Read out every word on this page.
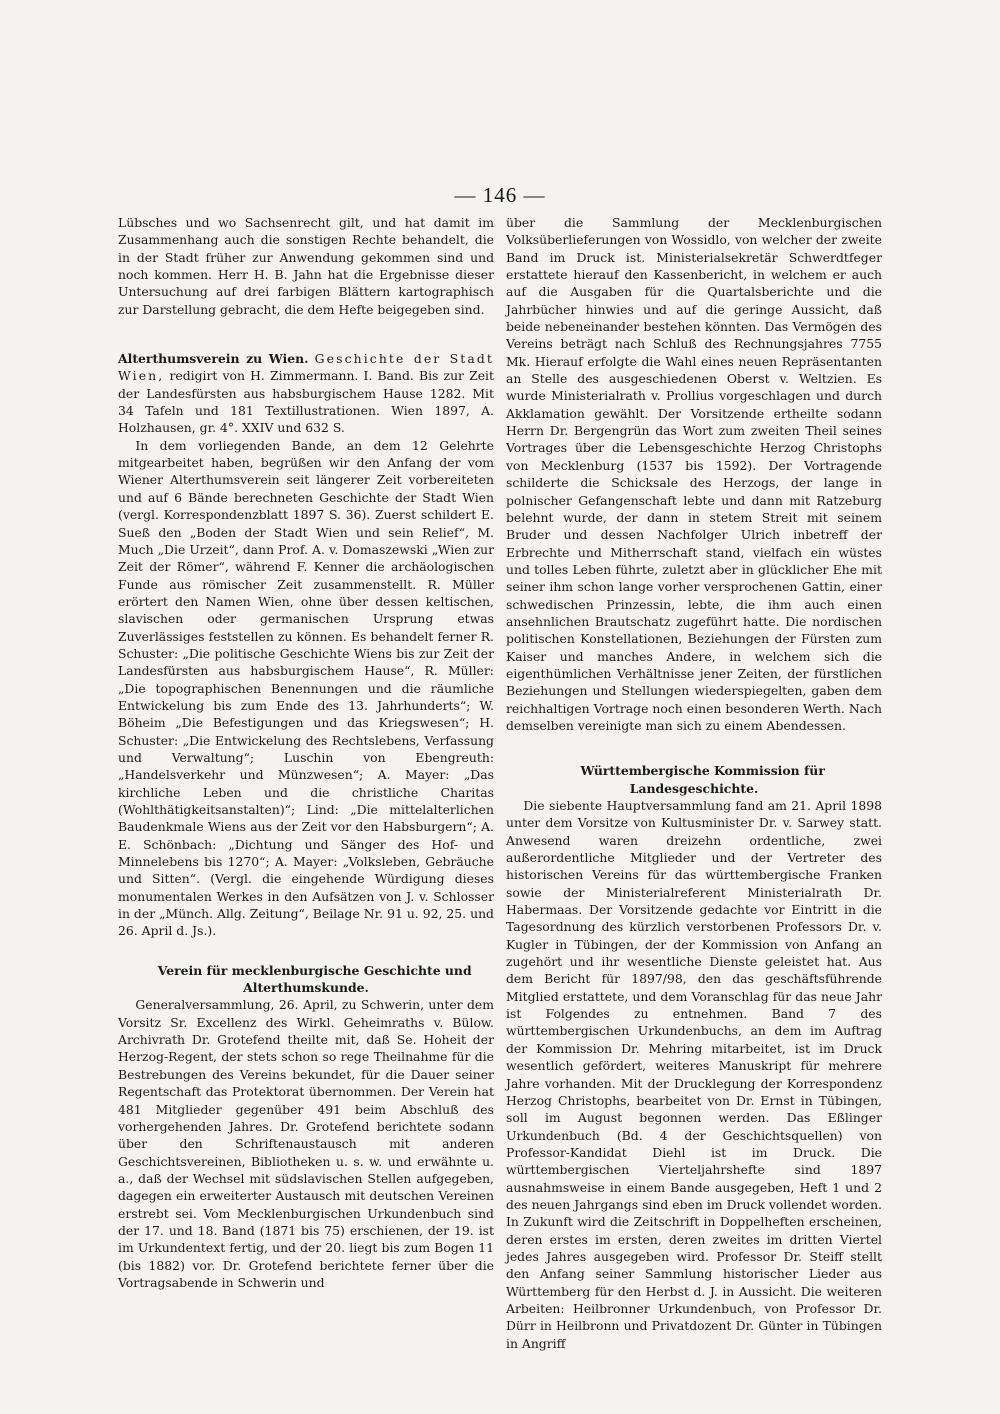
— 146 —

Lübsches und wo Sachsenrecht gilt, und hat damit im Zusammenhang auch die sonstigen Rechte behandelt, die in der Stadt früher zur Anwendung gekommen sind und noch kommen. Herr H. B. Jahn hat die Ergebnisse dieser Untersuchung auf drei farbigen Blättern kartographisch zur Darstellung gebracht, die dem Hefte beigegeben sind.

Alterthumsverein zu Wien. Geschichte der Stadt Wien, redigirt von H. Zimmermann. I. Band. Bis zur Zeit der Landesfürsten aus habsburgischem Hause 1282. Mit 34 Tafeln und 181 Textillustrationen. Wien 1897, A. Holzhausen, gr. 4°. XXIV und 632 S.

In dem vorliegenden Bande, an dem 12 Gelehrte mitgearbeitet haben, begrüßen wir den Anfang der vom Wiener Alterthumsverein seit längerer Zeit vorbereiteten und auf 6 Bände berechneten Geschichte der Stadt Wien (vergl. Korrespondenzblatt 1897 S. 36). Zuerst schildert E. Sueß den „Boden der Stadt Wien und sein Relief“, M. Much „Die Urzeit“, dann Prof. A. v. Domaszewski „Wien zur Zeit der Römer“, während F. Kenner die archäologischen Funde aus römischer Zeit zusammenstellt. R. Müller erörtert den Namen Wien, ohne über dessen keltischen, slavischen oder germanischen Ursprung etwas Zuverlässiges feststellen zu können. Es behandelt ferner R. Schuster: „Die politische Geschichte Wiens bis zur Zeit der Landesfürsten aus habsburgischem Hause“, R. Müller: „Die topographischen Benennungen und die räumliche Entwickelung bis zum Ende des 13. Jahrhunderts“; W. Böheim „Die Befestigungen und das Kriegswesen“; H. Schuster: „Die Entwickelung des Rechtslebens, Verfassung und Verwaltung“; Luschin von Ebengreuth: „Handelsverkehr und Münzwesen“; A. Mayer: „Das kirchliche Leben und die christliche Charitas (Wohlthätigkeitsanstalten)“; Lind: „Die mittelalterlichen Baudenkmale Wiens aus der Zeit vor den Habsburgern“; A. E. Schönbach: „Dichtung und Sänger des Hof- und Minnelebens bis 1270“; A. Mayer: „Volksleben, Gebräuche und Sitten“. (Vergl. die eingehende Würdigung dieses monumentalen Werkes in den Aufsätzen von J. v. Schlosser in der „Münch. Allg. Zeitung“, Beilage Nr. 91 u. 92, 25. und 26. April d. Js.).

Verein für mecklenburgische Geschichte und Alterthumskunde.

Generalversammlung, 26. April, zu Schwerin, unter dem Vorsitz Sr. Excellenz des Wirkl. Geheimraths v. Bülow. Archivrath Dr. Grotefend theilte mit, daß Se. Hoheit der Herzog-Regent, der stets schon so rege Theilnahme für die Bestrebungen des Vereins bekundet, für die Dauer seiner Regentschaft das Protektorat übernommen. Der Verein hat 481 Mitglieder gegenüber 491 beim Abschluß des vorhergehenden Jahres. Dr. Grotefend berichtete sodann über den Schriftenaustausch mit anderen Geschichtsvereinen, Bibliotheken u. s. w. und erwähnte u. a., daß der Wechsel mit südslavischen Stellen aufgegeben, dagegen ein erweiterter Austausch mit deutschen Vereinen erstrebt sei. Vom Mecklenburgischen Urkundenbuch sind der 17. und 18. Band (1871 bis 75) erschienen, der 19. ist im Urkundentext fertig, und der 20. liegt bis zum Bogen 11 (bis 1882) vor. Dr. Grotefend berichtete ferner über die Vortragsabende in Schwerin und

über die Sammlung der Mecklenburgischen Volksüberlieferungen von Wossidlo, von welcher der zweite Band im Druck ist. Ministerialsekretär Schwerdtfeger erstattete hierauf den Kassenbericht, in welchem er auch auf die Ausgaben für die Quartalsberichte und die Jahrbücher hinwies und auf die geringe Aussicht, daß beide nebeneinander bestehen könnten. Das Vermögen des Vereins beträgt nach Schluß des Rechnungsjahres 7755 Mk. Hierauf erfolgte die Wahl eines neuen Repräsentanten an Stelle des ausgeschiedenen Oberst v. Weltzien. Es wurde Ministerialrath v. Prollius vorgeschlagen und durch Akklamation gewählt. Der Vorsitzende ertheilte sodann Herrn Dr. Bergengrün das Wort zum zweiten Theil seines Vortrages über die Lebensgeschichte Herzog Christophs von Mecklenburg (1537 bis 1592). Der Vortragende schilderte die Schicksale des Herzogs, der lange in polnischer Gefangenschaft lebte und dann mit Ratzeburg belehnt wurde, der dann in stetem Streit mit seinem Bruder und dessen Nachfolger Ulrich inbetreff der Erbrechte und Mitherrschaft stand, vielfach ein wüstes und tolles Leben führte, zuletzt aber in glücklicher Ehe mit seiner ihm schon lange vorher versprochenen Gattin, einer schwedischen Prinzessin, lebte, die ihm auch einen ansehnlichen Brautschatz zugeführt hatte. Die nordischen politischen Konstellationen, Beziehungen der Fürsten zum Kaiser und manches Andere, in welchem sich die eigenthümlichen Verhältnisse jener Zeiten, der fürstlichen Beziehungen und Stellungen wiederspiegelten, gaben dem reichhaltigen Vortrage noch einen besonderen Werth. Nach demselben vereinigte man sich zu einem Abendessen.

Württembergische Kommission für Landesgeschichte.

Die siebente Hauptversammlung fand am 21. April 1898 unter dem Vorsitze von Kultusminister Dr. v. Sarwey statt. Anwesend waren dreizehn ordentliche, zwei außerordentliche Mitglieder und der Vertreter des historischen Vereins für das württembergische Franken sowie der Ministerialreferent Ministerialrath Dr. Habermaas. Der Vorsitzende gedachte vor Eintritt in die Tagesordnung des kürzlich verstorbenen Professors Dr. v. Kugler in Tübingen, der der Kommission von Anfang an zugehört und ihr wesentliche Dienste geleistet hat. Aus dem Bericht für 1897/98, den das geschäftsführende Mitglied erstattete, und dem Voranschlag für das neue Jahr ist Folgendes zu entnehmen. Band 7 des württembergischen Urkundenbuchs, an dem im Auftrag der Kommission Dr. Mehring mitarbeitet, ist im Druck wesentlich gefördert, weiteres Manuskript für mehrere Jahre vorhanden. Mit der Drucklegung der Korrespondenz Herzog Christophs, bearbeitet von Dr. Ernst in Tübingen, soll im August begonnen werden. Das Eßlinger Urkundenbuch (Bd. 4 der Geschichtsquellen) von Professor-Kandidat Diehl ist im Druck. Die württembergischen Vierteljahrshefte sind 1897 ausnahmsweise in einem Bande ausgegeben, Heft 1 und 2 des neuen Jahrgangs sind eben im Druck vollendet worden. In Zukunft wird die Zeitschrift in Doppelheften erscheinen, deren erstes im ersten, deren zweites im dritten Viertel jedes Jahres ausgegeben wird. Professor Dr. Steiff stellt den Anfang seiner Sammlung historischer Lieder aus Württemberg für den Herbst d. J. in Aussicht. Die weiteren Arbeiten: Heilbronner Urkundenbuch, von Professor Dr. Dürr in Heilbronn und Privatdozent Dr. Günter in Tübingen in Angriff
